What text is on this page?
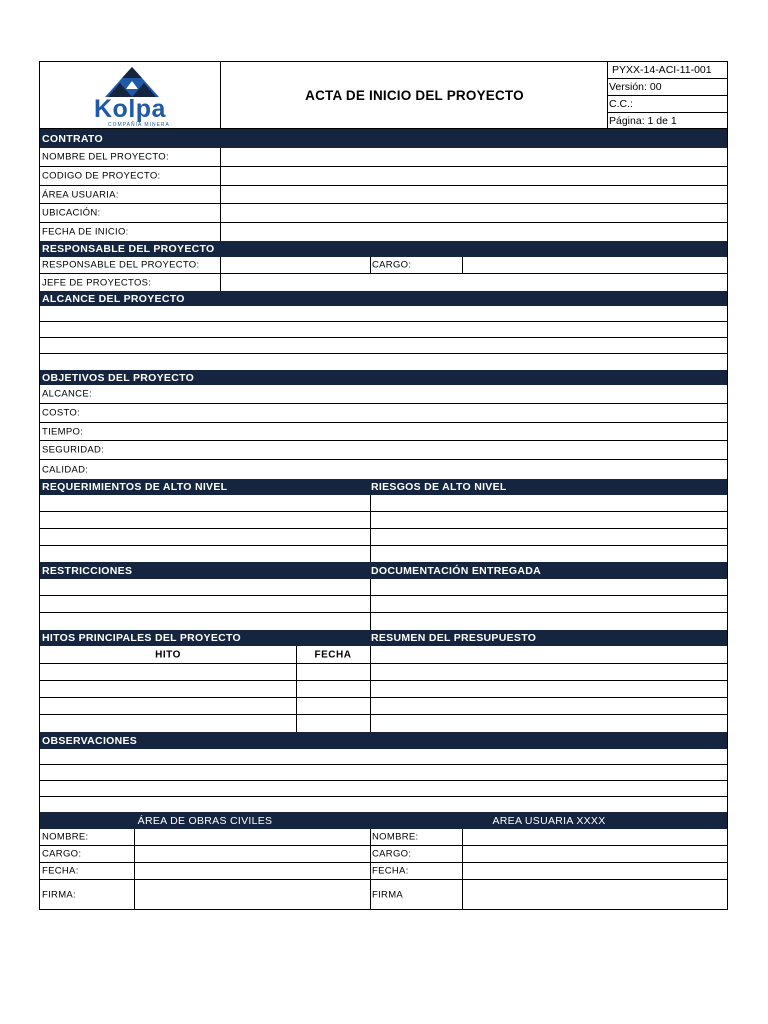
Kolpa
COMPAÑÍA MINERA
ACTA DE INICIO DEL PROYECTO
PYXX-14-ACI-11-001
Versión: 00
C.C.:
Página: 1 de 1
CONTRATO
NOMBRE DEL PROYECTO:
CODIGO DE PROYECTO:
ÁREA USUARIA:
UBICACIÓN:
FECHA DE INICIO:
RESPONSABLE DEL PROYECTO
RESPONSABLE DEL PROYECTO:	CARGO:
JEFE DE PROYECTOS:
ALCANCE DEL PROYECTO
OBJETIVOS DEL PROYECTO
ALCANCE:
COSTO:
TIEMPO:
SEGURIDAD:
CALIDAD:
REQUERIMIENTOS DE ALTO NIVEL	RIESGOS DE ALTO NIVEL
RESTRICCIONES	DOCUMENTACIÓN ENTREGADA
HITOS PRINCIPALES DEL PROYECTO	RESUMEN DEL PRESUPUESTO
HITO	FECHA
OBSERVACIONES
ÁREA DE OBRAS CIVILES	AREA USUARIA XXXX
NOMBRE:	NOMBRE:
CARGO:	CARGO:
FECHA:	FECHA:
FIRMA:	FIRMA
